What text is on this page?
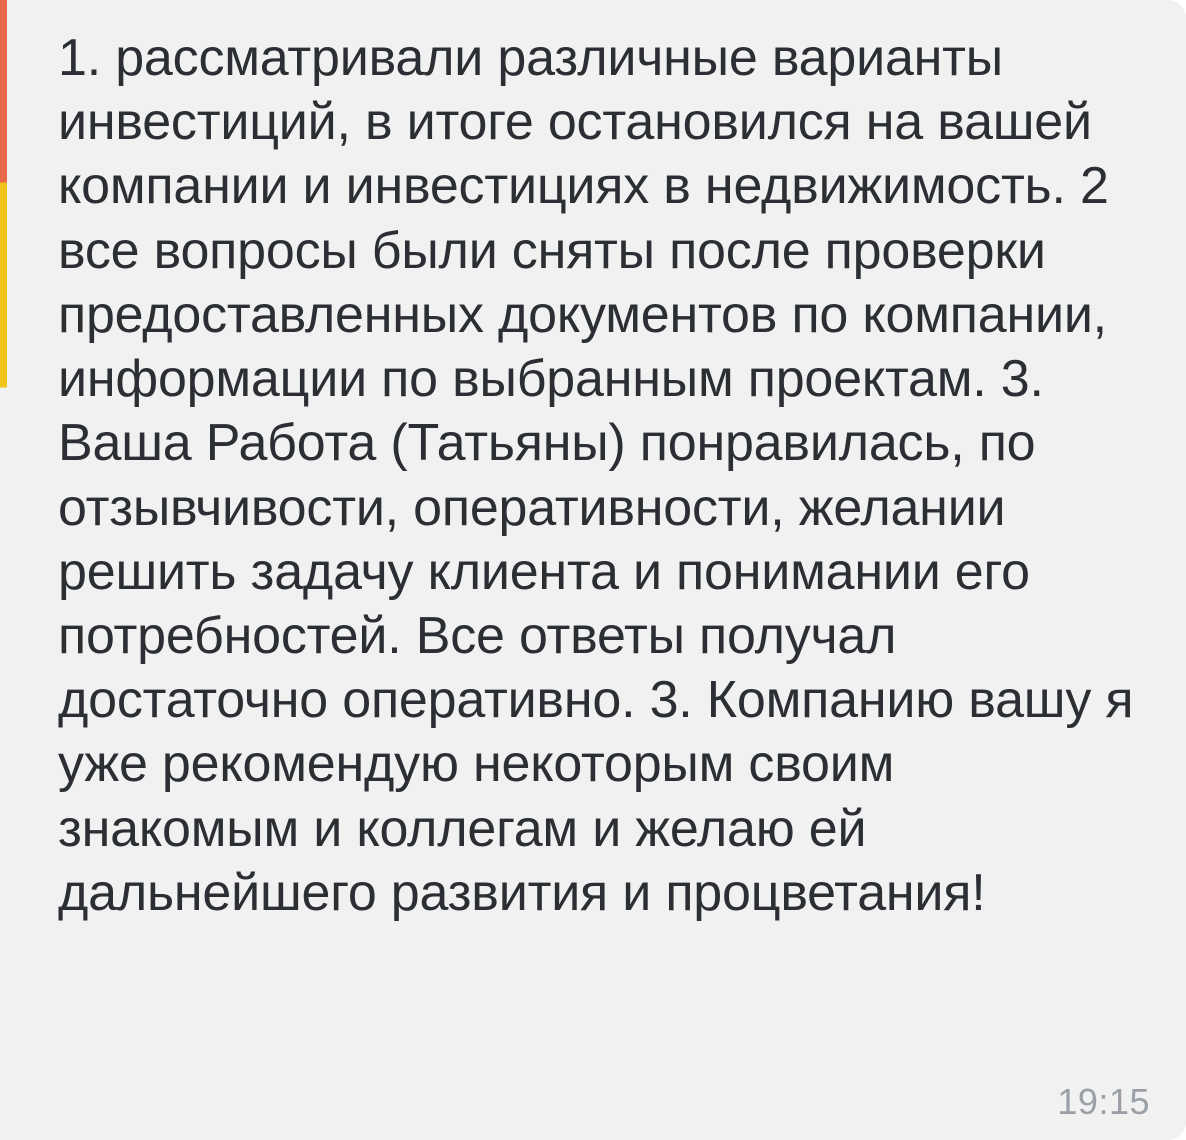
1. рассматривали различные варианты инвестиций, в итоге остановился на вашей компании и инвестициях в недвижимость. 2 все вопросы были сняты после проверки предоставленных документов по компании, информации по выбранным проектам. 3. Ваша Работа (Татьяны) понравилась, по отзывчивости, оперативности, желании решить задачу клиента и понимании его потребностей. Все ответы получал достаточно оперативно. 3. Компанию вашу я уже рекомендую некоторым своим знакомым и коллегам и желаю ей дальнейшего развития и процветания!

19:15
